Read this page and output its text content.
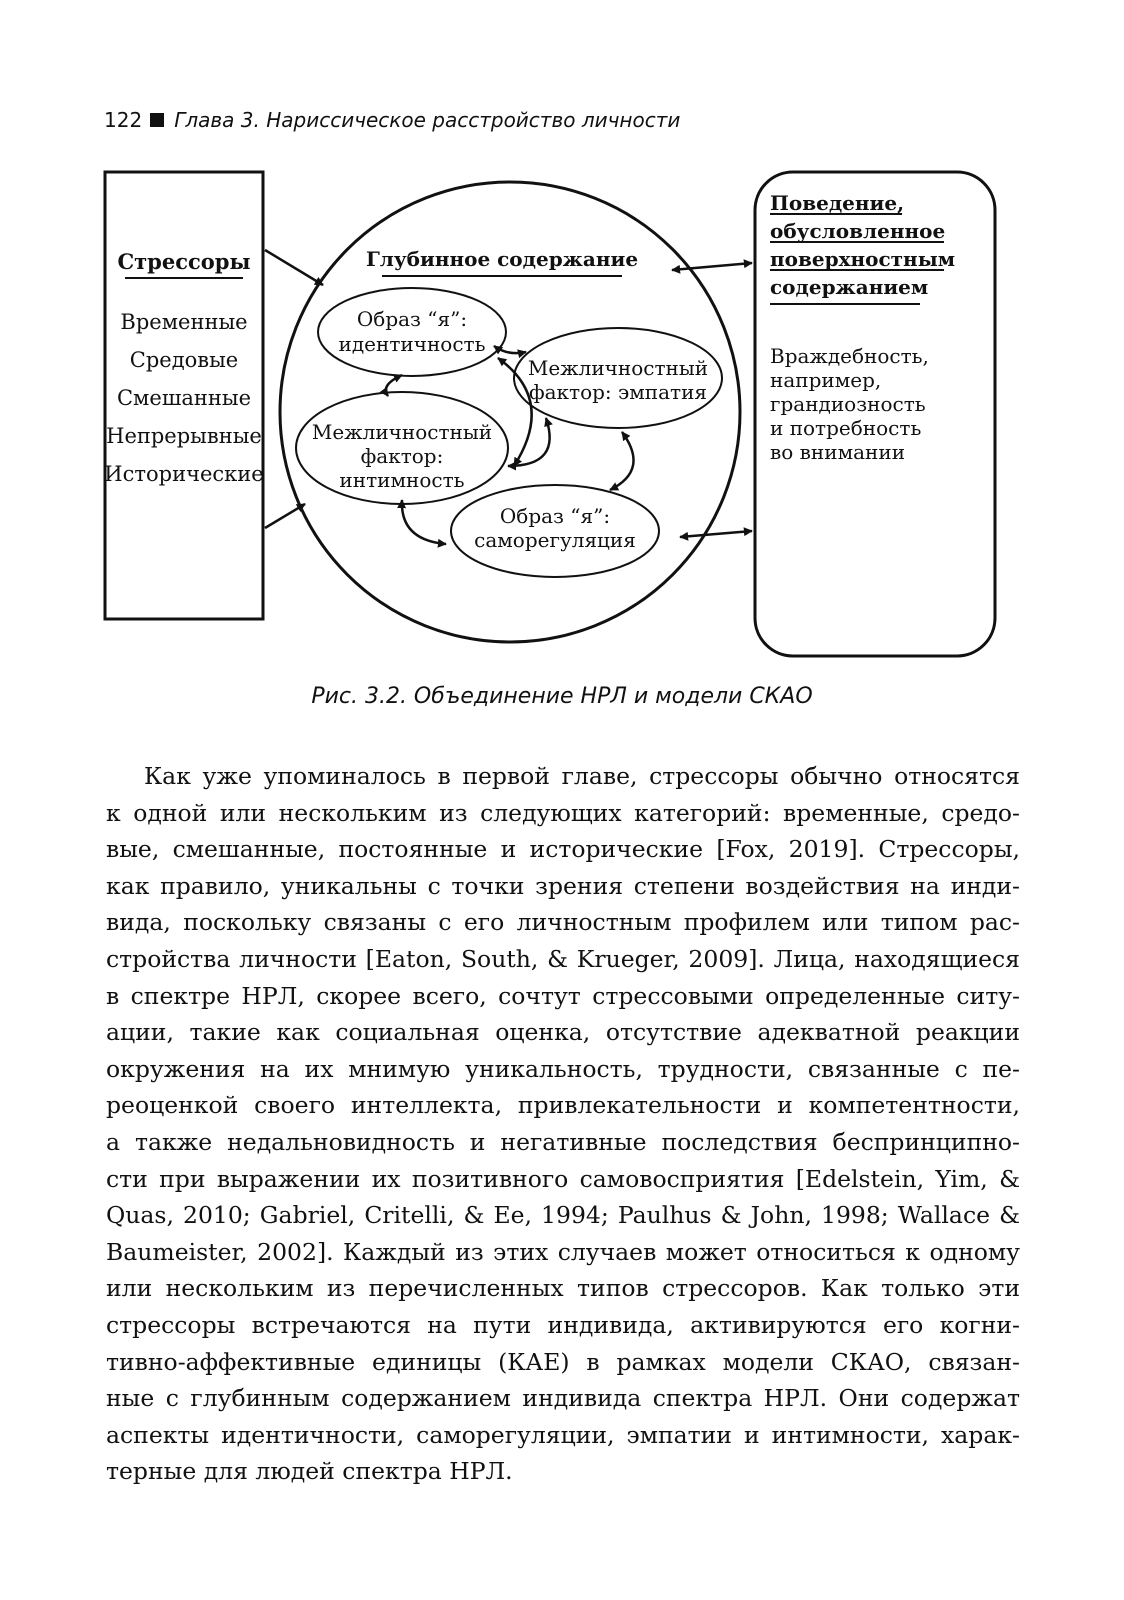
122 Глава 3. Нариссическое расстройство личности
Стрессоры
Временные
Средовые
Смешанные
Непрерывные
Исторические
Глубинное содержание
Образ “я”:
идентичность
Межличностный
фактор: эмпатия
Межличностный
фактор:
интимность
Образ “я”:
саморегуляция
Поведение,
обусловленное
поверхностным
содержанием
Враждебность,
например,
грандиозность
и потребность
во внимании
Рис. 3.2. Объединение НРЛ и модели СКАО
Как уже упоминалось в первой главе, стрессоры обычно относятся
к одной или нескольким из следующих категорий: временные, средо-
вые, смешанные, постоянные и исторические [Fox, 2019]. Стрессоры,
как правило, уникальны с точки зрения степени воздействия на инди-
вида, поскольку связаны с его личностным профилем или типом рас-
стройства личности [Eaton, South, & Krueger, 2009]. Лица, находящиеся
в спектре НРЛ, скорее всего, сочтут стрессовыми определенные ситу-
ации, такие как социальная оценка, отсутствие адекватной реакции
окружения на их мнимую уникальность, трудности, связанные с пе-
реоценкой своего интеллекта, привлекательности и компетентности,
а также недальновидность и негативные последствия беспринципно-
сти при выражении их позитивного самовосприятия [Edelstein, Yim, &
Quas, 2010; Gabriel, Critelli, & Ee, 1994; Paulhus & John, 1998; Wallace &
Baumeister, 2002]. Каждый из этих случаев может относиться к одному
или нескольким из перечисленных типов стрессоров. Как только эти
стрессоры встречаются на пути индивида, активируются его когни-
тивно-аффективные единицы (КАЕ) в рамках модели СКАО, связан-
ные с глубинным содержанием индивида спектра НРЛ. Они содержат
аспекты идентичности, саморегуляции, эмпатии и интимности, харак-
терные для людей спектра НРЛ.
